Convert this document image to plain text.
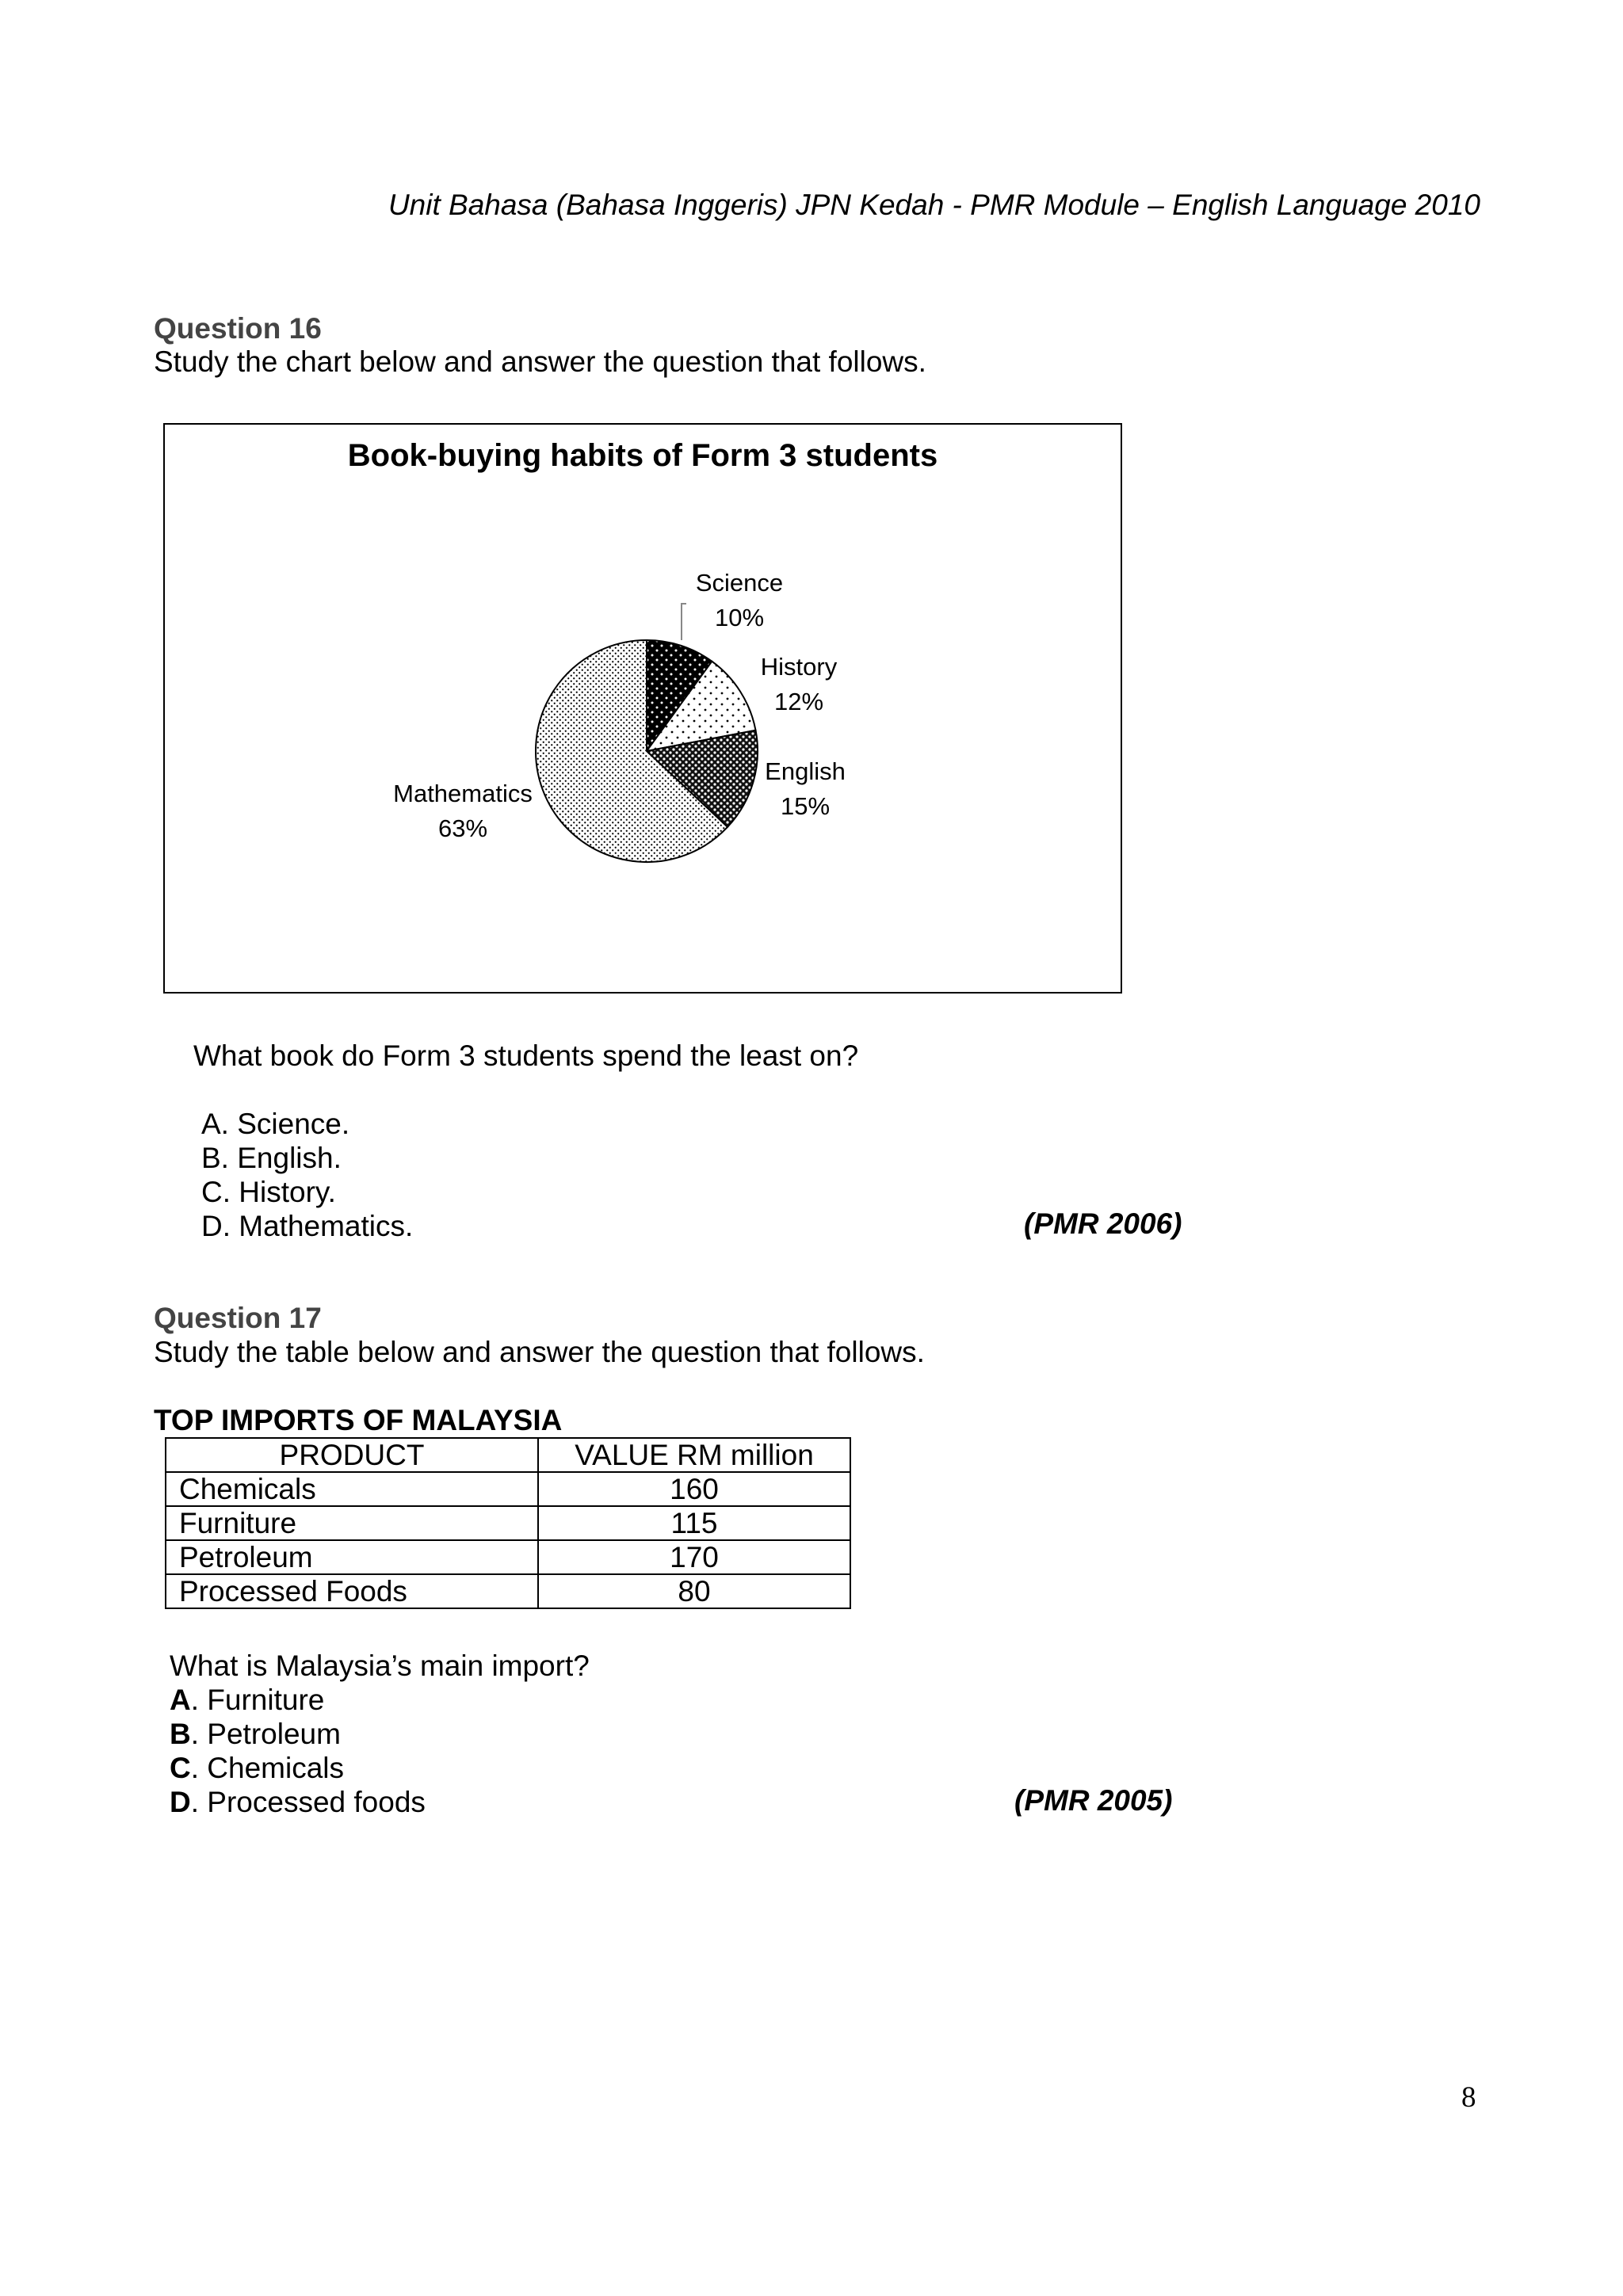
Unit Bahasa (Bahasa Inggeris) JPN Kedah - PMR Module – English Language 2010
Question 16
Study the chart below and answer the question that follows.
Book-buying habits of Form 3 students
Science
10%
History
12%
English
15%
Mathematics
63%
What book do Form 3 students spend the least on?
A. Science.
B. English.
C. History.
D. Mathematics.	(PMR 2006)
Question 17
Study the table below and answer the question that follows.
TOP IMPORTS OF MALAYSIA
PRODUCT	VALUE RM million
Chemicals	160
Furniture	115
Petroleum	170
Processed Foods	80
What is Malaysia’s main import?
A. Furniture
B. Petroleum
C. Chemicals
D. Processed foods	(PMR 2005)
8
